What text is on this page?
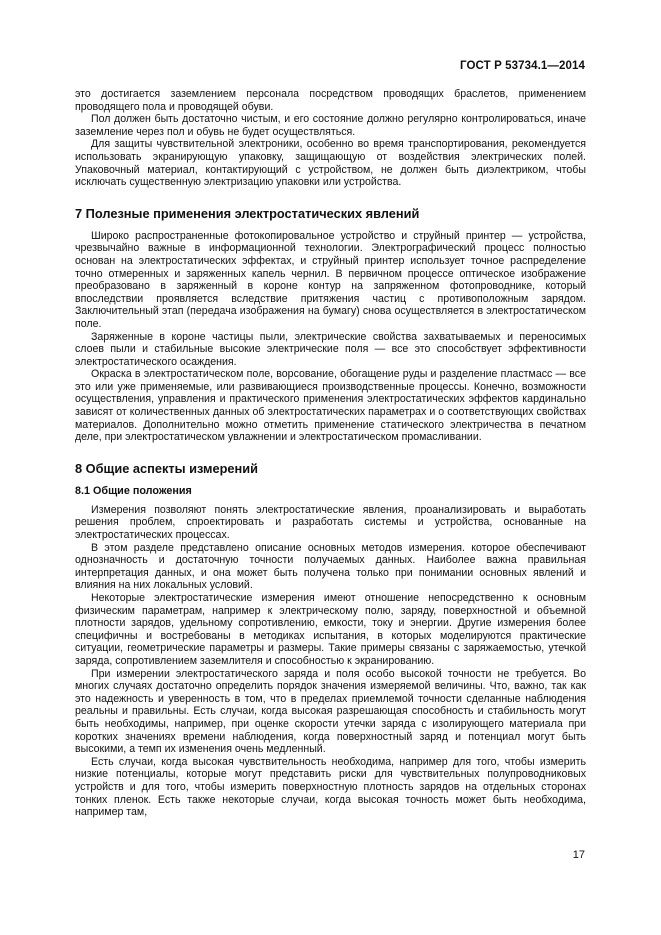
ГОСТ Р 53734.1—2014

это достигается заземлением персонала посредством проводящих браслетов, применением проводящего пола и проводящей обуви.

Пол должен быть достаточно чистым, и его состояние должно регулярно контролироваться, иначе заземление через пол и обувь не будет осуществляться.

Для защиты чувствительной электроники, особенно во время транспортирования, рекомендуется использовать экранирующую упаковку, защищающую от воздействия электрических полей. Упаковочный материал, контактирующий с устройством, не должен быть диэлектриком, чтобы исключать существенную электризацию упаковки или устройства.

7 Полезные применения электростатических явлений

Широко распространенные фотокопировальное устройство и струйный принтер — устройства, чрезвычайно важные в информационной технологии. Электрографический процесс полностью основан на электростатических эффектах, и струйный принтер использует точное распределение точно отмеренных и заряженных капель чернил. В первичном процессе оптическое изображение преобразовано в заряженный в короне контур на запряженном фотопроводнике, который впоследствии проявляется вследствие притяжения частиц с противоположным зарядом. Заключительный этап (передача изображения на бумагу) снова осуществляется в электростатическом поле.

Заряженные в короне частицы пыли, электрические свойства захватываемых и переносимых слоев пыли и стабильные высокие электрические поля — все это способствует эффективности электростатического осаждения.

Окраска в электростатическом поле, ворсование, обогащение руды и разделение пластмасс — все это или уже применяемые, или развивающиеся производственные процессы. Конечно, возможности осуществления, управления и практического применения электростатических эффектов кардинально зависят от количественных данных об электростатических параметрах и о соответствующих свойствах материалов. Дополнительно можно отметить применение статического электричества в печатном деле, при электростатическом увлажнении и электростатическом промасливании.

8 Общие аспекты измерений
8.1 Общие положения

Измерения позволяют понять электростатические явления, проанализировать и выработать решения проблем, спроектировать и разработать системы и устройства, основанные на электростатических процессах.

В этом разделе представлено описание основных методов измерения. которое обеспечивают однозначность и достаточную точности получаемых данных. Наиболее важна правильная интерпретация данных, и она может быть получена только при понимании основных явлений и влияния на них локальных условий.

Некоторые электростатические измерения имеют отношение непосредственно к основным физическим параметрам, например к электрическому полю, заряду, поверхностной и объемной плотности зарядов, удельному сопротивлению, емкости, току и энергии. Другие измерения более специфичны и востребованы в методиках испытания, в которых моделируются практические ситуации, геометрические параметры и размеры. Такие примеры связаны с заряжаемостью, утечкой заряда, сопротивлением заземлителя и способностью к экранированию.

При измерении электростатического заряда и поля особо высокой точности не требуется. Во многих случаях достаточно определить порядок значения измеряемой величины. Что, важно, так как это надежность и уверенность в том, что в пределах приемлемой точности сделанные наблюдения реальны и правильны. Есть случаи, когда высокая разрешающая способность и стабильность могут быть необходимы, например, при оценке скорости утечки заряда с изолирующего материала при коротких значениях времени наблюдения, когда поверхностный заряд и потенциал могут быть высокими, а темп их изменения очень медленный.

Есть случаи, когда высокая чувствительность необходима, например для того, чтобы измерить низкие потенциалы, которые могут представить риски для чувствительных полупроводниковых устройств и для того, чтобы измерить поверхностную плотность зарядов на отдельных сторонах тонких пленок. Есть также некоторые случаи, когда высокая точность может быть необходима, например там,

17
